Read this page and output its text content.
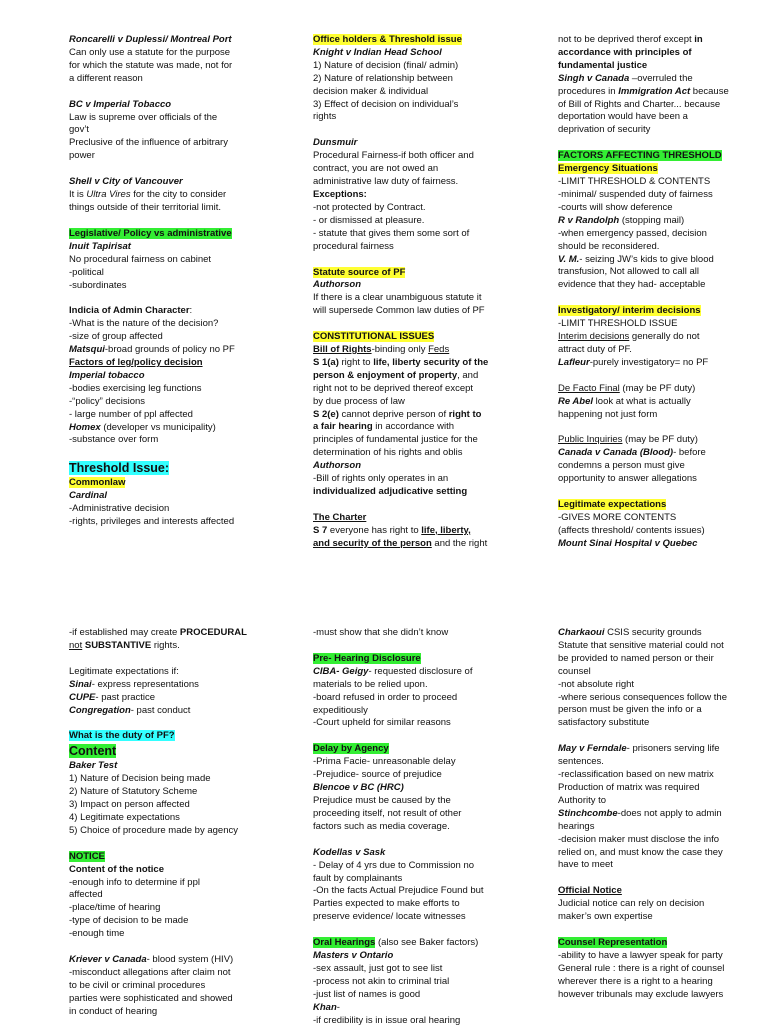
Roncarelli v Duplessi/ Montreal Port
Can only use a statute for the purpose
for which the statute was made, not for
a different reason
BC v Imperial Tobacco
Law is supreme over officials of the
gov’t
Preclusive of the influence of arbitrary
power
Shell v City of Vancouver
It is Ultra Vires for the city to consider
things outside of their territorial limit.
Legislative/ Policy vs administrative
Inuit Tapirisat
No procedural fairness on cabinet
-political
-subordinates
Indicia of Admin Character:
-What is the nature of the decision?
-size of group affected
Matsqui-broad grounds of policy no PF
Factors of leg/policy decision
Imperial tobacco
-bodies exercising leg functions
-“policy” decisions
- large number of ppl affected
Homex (developer vs municipality)
-substance over form
Threshold Issue:
Commonlaw
Cardinal
-Administrative decision
-rights, privileges and interests affected
Office holders & Threshold issue
Knight v Indian Head School
1) Nature of decision (final/ admin)
2) Nature of relationship between
decision maker & individual
3) Effect of decision on individual’s
rights
Dunsmuir
Procedural Fairness-if both officer and
contract, you are not owed an
administrative law duty of fairness.
Exceptions:
-not protected by Contract.
- or dismissed at pleasure.
- statute that gives them some sort of
procedural fairness
Statute source of PF
Authorson
If there is a clear unambiguous statute it
will supersede Common law duties of PF
CONSTITUTIONAL ISSUES
Bill of Rights-binding only Feds
S 1(a) right to life, liberty security of the
person & enjoyment of property, and
right not to be deprived thereof except
by due process of law
S 2(e) cannot deprive person of right to
a fair hearing in accordance with
principles of fundamental justice for the
determination of his rights and oblis
Authorson
-Bill of rights only operates in an
individualized adjudicative setting
The Charter
S 7 everyone has right to life, liberty,
and security of the person and the right
not to be deprived therof except in
accordance with principles of
fundamental justice
Singh v Canada –overruled the
procedures in Immigration Act because
of Bill of Rights and Charter... because
deportation would have been a
deprivation of security
FACTORS AFFECTING THRESHOLD
Emergency Situations
-LIMIT THRESHOLD & CONTENTS
-minimal/ suspended duty of fairness
-courts will show deference
R v Randolph (stopping mail)
-when emergency passed, decision
should be reconsidered.
V. M.- seizing JW’s kids to give blood
transfusion, Not allowed to call all
evidence that they had- acceptable
Investigatory/ interim decisions
-LIMIT THRESHOLD ISSUE
Interim decisions generally do not
attract duty of PF.
Lafleur-purely investigatory= no PF
De Facto Final (may be PF duty)
Re Abel look at what is actually
happening not just form
Public Inquiries (may be PF duty)
Canada v Canada (Blood)- before
condemns a person must give
opportunity to answer allegations
Legitimate expectations
-GIVES MORE CONTENTS
(affects threshold/ contents issues)
Mount Sinai Hospital v Quebec
-if established may create PROCEDURAL
not SUBSTANTIVE rights.
Legitimate expectations if:
Sinai- express representations
CUPE- past practice
Congregation- past conduct
What is the duty of PF?
Content
Baker Test
1) Nature of Decision being made
2) Nature of Statutory Scheme
3) Impact on person affected
4) Legitimate expectations
5) Choice of procedure made by agency
NOTICE
Content of the notice
-enough info to determine if ppl
affected
-place/time of hearing
-type of decision to be made
-enough time
Kriever v Canada- blood system (HIV)
-misconduct allegations after claim not
to be civil or criminal procedures
parties were sophisticated and showed
in conduct of hearing
-must show that she didn’t know
Pre- Hearing Disclosure
CIBA- Geigy- requested disclosure of
materials to be relied upon.
-board refused in order to proceed
expeditiously
-Court upheld for similar reasons
Delay by Agency
-Prima Facie- unreasonable delay
-Prejudice- source of prejudice
Blencoe v BC (HRC)
Prejudice must be caused by the
proceeding itself, not result of other
factors such as media coverage.
Kodellas v Sask
- Delay of 4 yrs due to Commission no
fault by complainants
-On the facts Actual Prejudice Found but
Parties expected to make efforts to
preserve evidence/ locate witnesses
Oral Hearings (also see Baker factors)
Masters v Ontario
-sex assault, just got to see list
-process not akin to criminal trial
-just list of names is good
Khan-
-if credibility is in issue oral hearing
Charkaoui CSIS security grounds
Statute that sensitive material could not
be provided to named person or their
counsel
-not absolute right
-where serious consequences follow the
person must be given the info or a
satisfactory substitute
May v Ferndale- prisoners serving life
sentences.
-reclassification based on new matrix
Production of matrix was required
Authority to
Stinchcombe-does not apply to admin
hearings
-decision maker must disclose the info
relied on, and must know the case they
have to meet
Official Notice
Judicial notice can rely on decision
maker’s own expertise
Counsel Representation
-ability to have a lawyer speak for party
General rule : there is a right of counsel
wherever there is a right to a hearing
however tribunals may exclude lawyers
